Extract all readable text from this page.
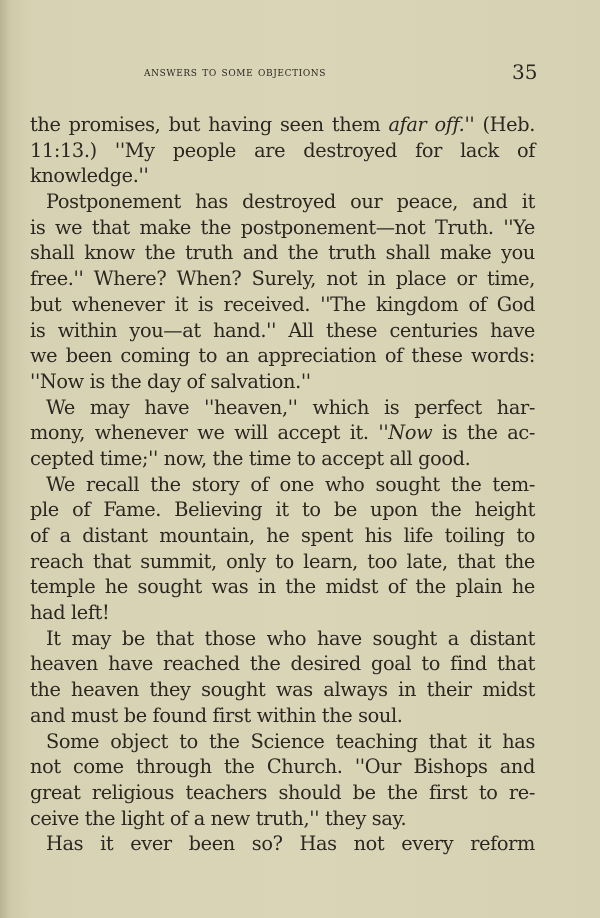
answers to some objections	35
the promises, but having seen them afar off.'' (Heb.
11:13.) ''My people are destroyed for lack of
knowledge.''
Postponement has destroyed our peace, and it
is we that make the postponement—not Truth. ''Ye
shall know the truth and the truth shall make you
free.'' Where? When? Surely, not in place or time,
but whenever it is received. ''The kingdom of God
is within you—at hand.'' All these centuries have
we been coming to an appreciation of these words:
''Now is the day of salvation.''
We may have ''heaven,'' which is perfect har-
mony, whenever we will accept it. ''Now is the ac-
cepted time;'' now, the time to accept all good.
We recall the story of one who sought the tem-
ple of Fame. Believing it to be upon the height
of a distant mountain, he spent his life toiling to
reach that summit, only to learn, too late, that the
temple he sought was in the midst of the plain he
had left!
It may be that those who have sought a distant
heaven have reached the desired goal to find that
the heaven they sought was always in their midst
and must be found first within the soul.
Some object to the Science teaching that it has
not come through the Church. ''Our Bishops and
great religious teachers should be the first to re-
ceive the light of a new truth,'' they say.
Has it ever been so? Has not every reform
